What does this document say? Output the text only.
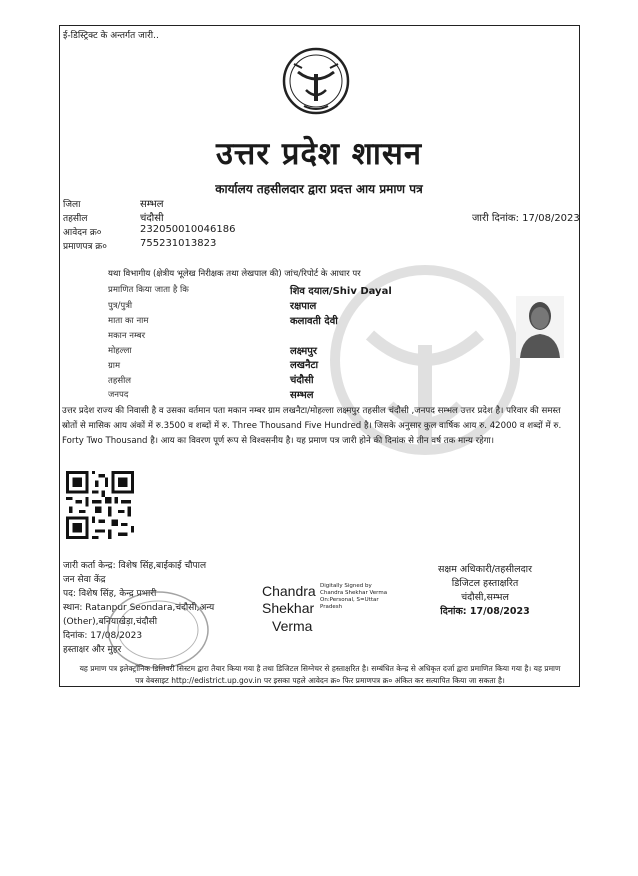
ई-डिस्ट्रिक्ट के अन्तर्गत जारी..
उत्तर प्रदेश शासन
कार्यालय तहसीलदार द्वारा प्रदत्त आय प्रमाण पत्र
जिला	सम्भल
तहसील	चंदौसी
आवेदन क्र०	232050010046186
प्रमाणपत्र क्र०	755231013823
जारी दिनांक: 17/08/2023
यथा विभागीय (क्षेत्रीय भूलेख निरीक्षक तथा लेखपाल की) जांच/रिपोर्ट के आधार पर
प्रमाणित किया जाता है कि	शिव दयाल/Shiv Dayal
पुत्र/पुत्री	रक्षपाल
माता का नाम	कलावती देवी
मकान नम्बर
मोहल्ला	लक्ष्मपुर
ग्राम	लखनैटा
तहसील	चंदौसी
जनपद	सम्भल
उत्तर प्रदेश राज्य की निवासी है व उसका वर्तमान पता मकान नम्बर ग्राम लखनैटा/मोहल्ला लक्ष्मपुर तहसील चंदौसी ,जनपद सम्भल उत्तर प्रदेश है। परिवार की समस्त स्रोतों से मासिक आय अंकों में रु.3500 व शब्दों में रु. Three Thousand Five Hundred है। जिसके अनुसार कुल वार्षिक आय रु. 42000 व शब्दों में रु. Forty Two Thousand है। आय का विवरण पूर्ण रूप से विश्वसनीय है। यह प्रमाण पत्र जारी होने की दिनांक से तीन वर्ष तक मान्य रहेगा।
जारी कर्ता केन्द्र: विशेष सिंह,बाईकाई चौपाल
जन सेवा केंद्र
पद: विशेष सिंह, केन्द्र प्रभारी
स्थान: Ratanpur Seondara,चंदौसी,अन्य
(Other),बनियाखेड़ा,चंदौसी
दिनांक: 17/08/2023
हस्ताक्षर और मुहर
Chandra
Shekhar
Verma
Digitally Signed by
Chandra Shekhar Verma
On:Personal, S=Uttar
Pradesh
सक्षम अधिकारी/तहसीलदार
डिजिटल हस्ताक्षरित
चंदौसी,सम्भल
दिनांक: 17/08/2023
यह प्रमाण पत्र इलेक्ट्रॉनिक डिलिवरी सिस्टम द्वारा तैयार किया गया है तथा डिजिटल सिग्नेचर से हस्ताक्षरित है। सम्बंधित केन्द्र से अधिकृत दर्जा द्वारा प्रमाणित किया गया है। यह प्रमाण
पत्र वेबसाइट http://edistrict.up.gov.in पर इसका पहले आवेदन क्र० फिर प्रमाणपत्र क्र० अंकित कर सत्यापित किया जा सकता है।
